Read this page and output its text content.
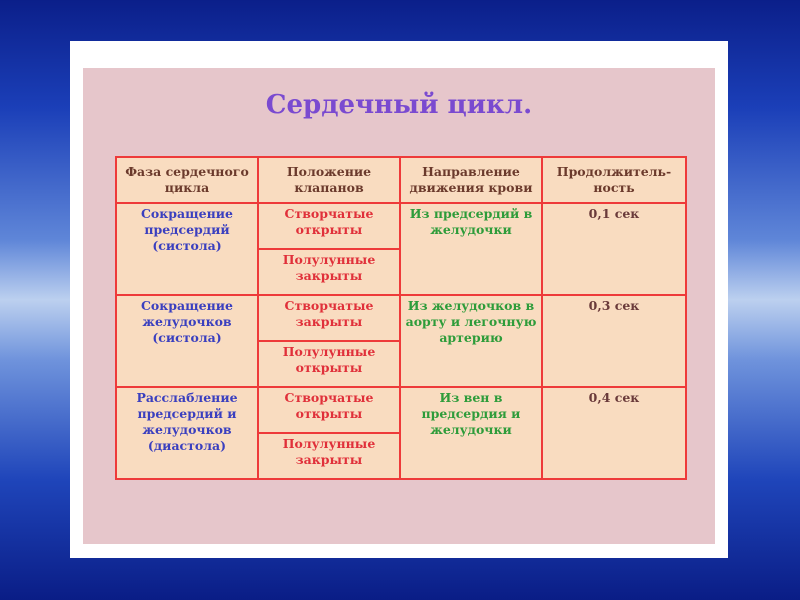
Сердечный цикл.
Фаза сердечного цикла	Положение клапанов	Направление движения крови	Продолжитель-ность
Сокращение предсердий (систола)	Створчатые открыты	Из предсердий в желудочки	0,1 сек
	Полулунные закрыты		
Сокращение желудочков (систола)	Створчатые закрыты	Из желудочков в аорту и легочную артерию	0,3 сек
	Полулунные открыты		
Расслабление предсердий и желудочков (диастола)	Створчатые открыты	Из вен в предсердия и желудочки	0,4 сек
	Полулунные закрыты		
